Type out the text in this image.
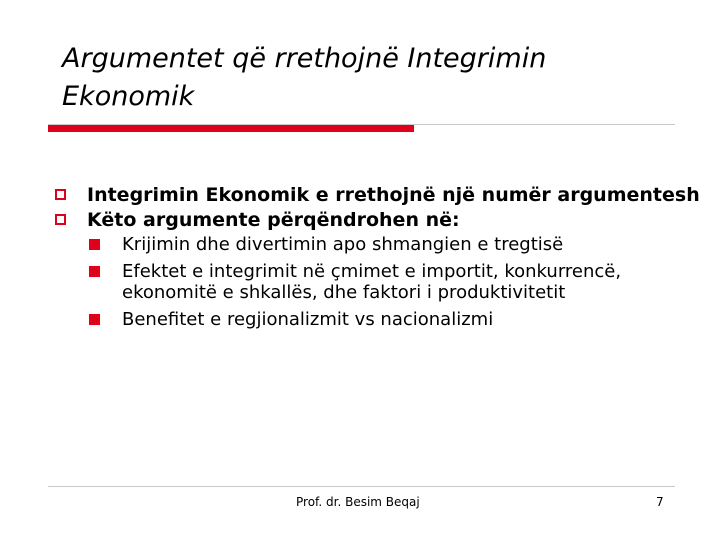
Argumentet që rrethojnë Integrimin Ekonomik
Integrimin Ekonomik e rrethojnë një numër argumentesh
Këto argumente përqëndrohen në:
Krijimin dhe divertimin apo shmangien e tregtisë
Efektet e integrimit në çmimet e importit, konkurrencë, ekonomitë e shkallës, dhe faktori i produktivitetit
Benefitet e regjionalizmit vs nacionalizmi
Prof. dr. Besim Beqaj	7
